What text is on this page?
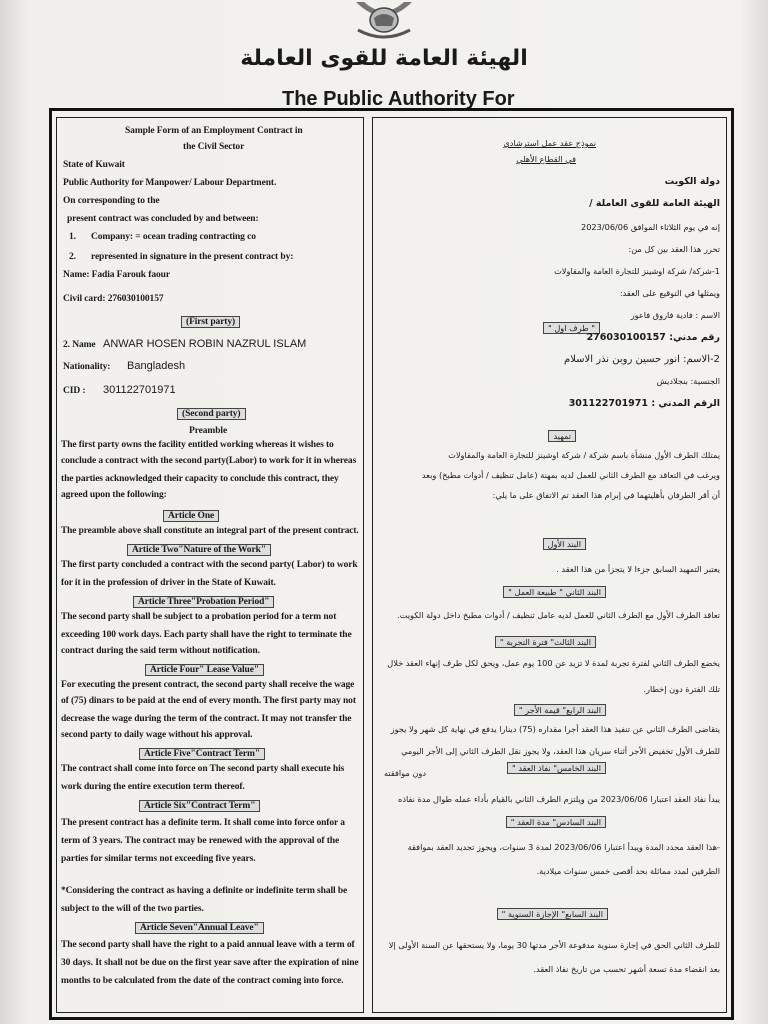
الهيئة العامة للقوى العاملة
The Public Authority For
Sample Form of an Employment Contract in
the Civil Sector
State of Kuwait
Public Authority for Manpower/ Labour Department.
On corresponding to the
present contract was concluded by and between:
1. Company: = ocean trading contracting co
2. represented in signature in the present contract by:
Name: Fadia Farouk faour
Civil card: 276030100157
(First party)
2. Name ANWAR HOSEN ROBIN NAZRUL ISLAM
Nationality: Bangladesh
CID : 301122701971
(Second party)
Preamble
The first party owns the facility entitled working whereas it wishes to
conclude a contract with the second party(Labor) to work for it in whereas
the parties acknowledged their capacity to conclude this contract, they
agreed upon the following:
Article One
The preamble above shall constitute an integral part of the present contract.
Article Two"Nature of the Work"
The first party concluded a contract with the second party( Labor) to work
for it in the profession of driver in the State of Kuwait.
Article Three"Probation Period"
The second party shall be subject to a probation period for a term not
exceeding 100 work days. Each party shall have the right to terminate the
contract during the said term without notification.
Article Four" Lease Value"
For executing the present contract, the second party shall receive the wage
of (75) dinars to be paid at the end of every month. The first party may not
decrease the wage during the term of the contract. It may not transfer the
second party to daily wage without his approval.
Article Five"Contract Term"
The contract shall come into force on The second party shall execute his
work during the entire execution term thereof.
Article Six"Contract Term"
The present contract has a definite term. It shall come into force onfor a
term of 3 years. The contract may be renewed with the approval of the
parties for similar terms not exceeding five years.
*Considering the contract as having a definite or indefinite term shall be
subject to the will of the two parties.
Article Seven"Annual Leave"
The second party shall have the right to a paid annual leave with a term of
30 days. It shall not be due on the first year save after the expiration of nine
months to be calculated from the date of the contract coming into force.
نموذج عقد عمل استرشادي
في القطاع الأهلي
دولة الكويت
الهيئة العامة للقوى العاملة /
إنه في يوم الثلاثاء الموافق 2023/06/06
تحرر هذا العقد بين كل من:
1-شركة/ شركة اوشينز للتجارة العامة والمقاولات
ويمثلها في التوقيع على العقد:
الاسم : فادية فاروق فاعور
" طرف اول "
رقم مدني: 276030100157
2-الاسم: انور حسين روبن نذر الاسلام
الجنسية: بنجلاديش
الرقم المدني : 301122701971
تمهيد
يمتلك الطرف الأول منشأة باسم شركة / شركة اوشينز للتجارة العامة والمقاولات
ويرغب في التعاقد مع الطرف الثاني للعمل لديه بمهنة (عامل تنظيف / أدوات مطبخ) وبعد
أن أقر الطرفان بأهليتهما في إبرام هذا العقد تم الاتفاق على ما يلي:
البند الأول
يعتبر التمهيد السابق جزءا لا يتجزأ من هذا العقد .
البند الثاني " طبيعة العمل "
تعاقد الطرف الأول مع الطرف الثاني للعمل لديه عامل تنظيف / أدوات مطبخ داخل دولة الكويت.
البند الثالث" فترة التجربة "
يخضع الطرف الثاني لفترة تجربة لمدة لا تزيد عن 100 يوم عمل، ويحق لكل طرف إنهاء العقد خلال
تلك الفترة دون إخطار.
البند الرابع" قيمة الأجر "
يتقاضى الطرف الثاني عن تنفيذ هذا العقد أجرا مقداره (75) دينارا يدفع في نهاية كل شهر ولا يجوز
للطرف الأول تخفيض الأجر أثناء سريان هذا العقد، ولا يجوز نقل الطرف الثاني إلى الأجر اليومي
دون موافقته	البند الخامس" نفاذ العقد "
يبدأ نفاذ العقد اعتبارا 2023/06/06 من ويلتزم الطرف الثاني بالقيام بأداء عمله طوال مدة نفاذه
البند السادس" مدة العقد "
-هذا العقد محدد المدة ويبدأ اعتبارا 2023/06/06 لمدة 3 سنوات، ويجوز تجديد العقد بموافقة
الطرفين لمدد مماثلة بحد أقصى خمس سنوات ميلادية.
البند السابع" الإجازة السنوية "
للطرف الثاني الحق في إجازة سنوية مدفوعة الأجر مدتها 30 يوما، ولا يستحقها عن السنة الأولى إلا
بعد انقضاء مدة تسعة أشهر تحسب من تاريخ نفاذ العقد.
